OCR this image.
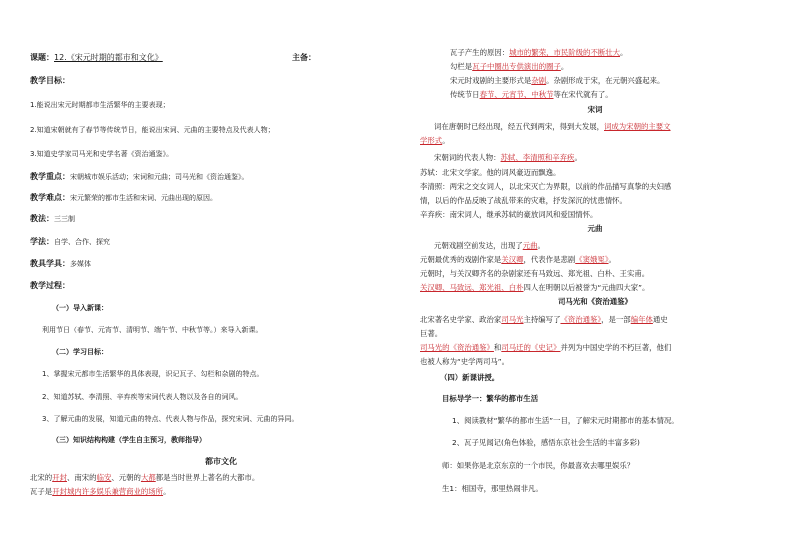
课题：12.《宋元时期的都市和文化》	主备：
教学目标：
1.能说出宋元时期都市生活繁华的主要表现；
2.知道宋朝就有了春节等传统节日，能说出宋词、元曲的主要特点及代表人物；
3.知道史学家司马光和史学名著《资治通鉴》。
教学重点：宋朝城市娱乐活动；宋词和元曲；司马光和《资治通鉴》。
教学难点：宋元繁荣的都市生活和宋词、元曲出现的原因。
教法：三三制
学法：自学、合作、探究
教具学具：多媒体
教学过程：
（一）导入新课：
利用节日（春节、元宵节、清明节、端午节、中秋节等。）来导入新课。
（二）学习目标：
1、掌握宋元都市生活繁华的具体表现，识记瓦子、勾栏和杂剧的特点。
2、知道苏轼、李清照、辛弃疾等宋词代表人物以及各自的词风。
3、了解元曲的发展，知道元曲的特点、代表人物与作品，探究宋词、元曲的异同。
（三）知识结构构建（学生自主预习，教师指导）
都市文化
北宋的开封、南宋的临安、元朝的大都都是当时世界上著名的大都市。
瓦子是开封城内许多娱乐兼营商业的场所。
瓦子产生的原因：城市的繁荣，市民阶级的不断壮大。
勾栏是瓦子中圈出专供演出的圈子。
宋元时戏剧的主要形式是杂剧。杂剧形成于宋，在元朝兴盛起来。
传统节日春节、元宵节、中秋节等在宋代就有了。
宋词
词在唐朝时已经出现，经五代到两宋，得到大发展，词成为宋朝的主要文
学形式。
宋朝词的代表人物：苏轼、李清照和辛弃疾。
苏轼：北宋文学家。他的词风豪迈而飘逸。
李清照：两宋之交女词人，以北宋灭亡为界限，以前的作品描写真挚的夫妇感
情，以后的作品反映了战乱带来的灾难，抒发深沉的忧患情怀。
辛弃疾：南宋词人，继承苏轼的豪放词风和爱国情怀。
元曲
元朝戏剧空前发达，出现了元曲。
元朝最优秀的戏剧作家是关汉卿，代表作是悲剧《窦娥冤》。
元朝时，与关汉卿齐名的杂剧家还有马致远、郑光祖、白朴、王实甫。
关汉卿、马致远、郑光祖、白朴四人在明朝以后被誉为“元曲四大家”。
司马光和《资治通鉴》
北宋著名史学家、政治家司马光主持编写了《资治通鉴》，是一部编年体通史
巨著。
司马光的《资治通鉴》和司马迁的《史记》并列为中国史学的不朽巨著，他们
也被人称为“史学两司马”。
（四）新课讲授。
目标导学一：繁华的都市生活
1、阅读教材“繁华的都市生活”一目，了解宋元时期都市的基本情况。
2、瓦子见闻记(角色体验，感悟东京社会生活的丰富多彩)
师：如果你是北京东京的一个市民，你最喜欢去哪里娱乐？
生1：相国寺，那里热闹非凡。
